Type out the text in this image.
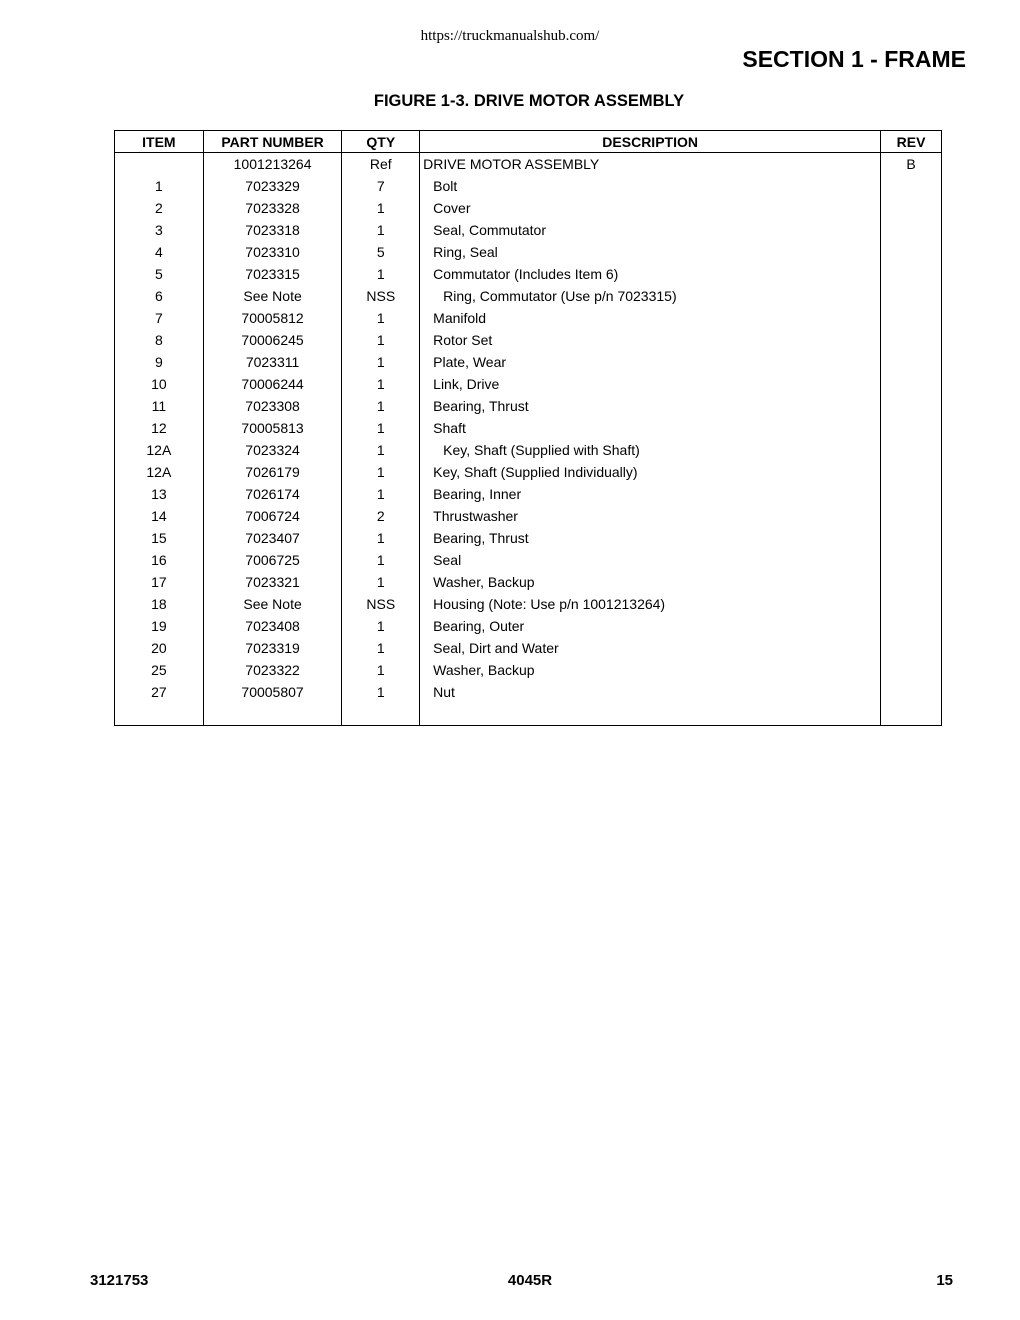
https://truckmanualshub.com/
SECTION 1 - FRAME
FIGURE 1-3. DRIVE MOTOR ASSEMBLY
ITEM	PART NUMBER	QTY	DESCRIPTION	REV
	1001213264	Ref	DRIVE MOTOR ASSEMBLY	B
1	7023329	7	Bolt	
2	7023328	1	Cover	
3	7023318	1	Seal, Commutator	
4	7023310	5	Ring, Seal	
5	7023315	1	Commutator (Includes Item 6)	
6	See Note	NSS	Ring, Commutator (Use p/n 7023315)	
7	70005812	1	Manifold	
8	70006245	1	Rotor Set	
9	7023311	1	Plate, Wear	
10	70006244	1	Link, Drive	
11	7023308	1	Bearing, Thrust	
12	70005813	1	Shaft	
12A	7023324	1	Key, Shaft (Supplied with Shaft)	
12A	7026179	1	Key, Shaft (Supplied Individually)	
13	7026174	1	Bearing, Inner	
14	7006724	2	Thrustwasher	
15	7023407	1	Bearing, Thrust	
16	7006725	1	Seal	
17	7023321	1	Washer, Backup	
18	See Note	NSS	Housing (Note: Use p/n 1001213264)	
19	7023408	1	Bearing, Outer	
20	7023319	1	Seal, Dirt and Water	
25	7023322	1	Washer, Backup	
27	70005807	1	Nut	

3121753	4045R	15
